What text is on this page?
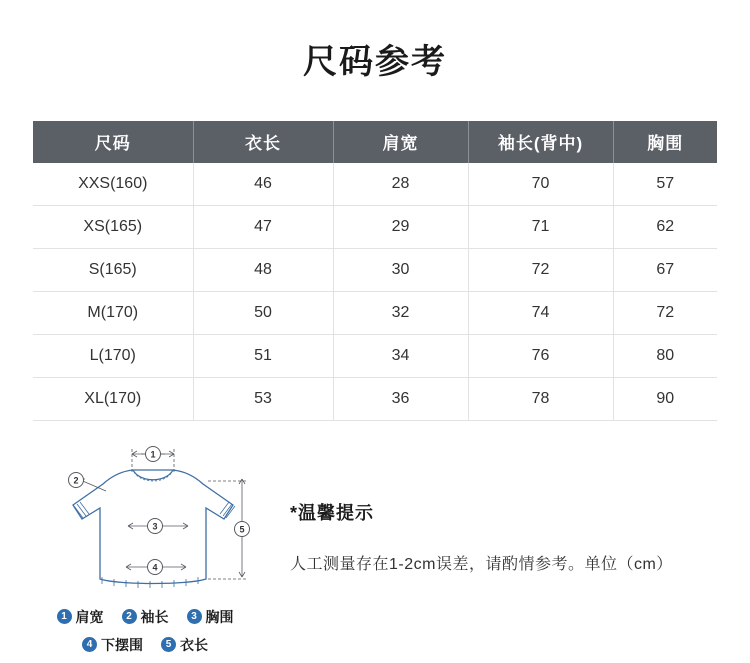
尺码参考
尺码	衣长	肩宽	袖长(背中)	胸围
XXS(160)	46	28	70	57
XS(165)	47	29	71	62
S(165)	48	30	72	67
M(170)	50	32	74	72
L(170)	51	34	76	80
XL(170)	53	36	78	90
1
2
3
4
5

*温馨提示

人工测量存在1-2cm误差，请酌情参考。单位（cm）

1 肩宽	2 袖长	3 胸围
4 下摆围	5 衣长
